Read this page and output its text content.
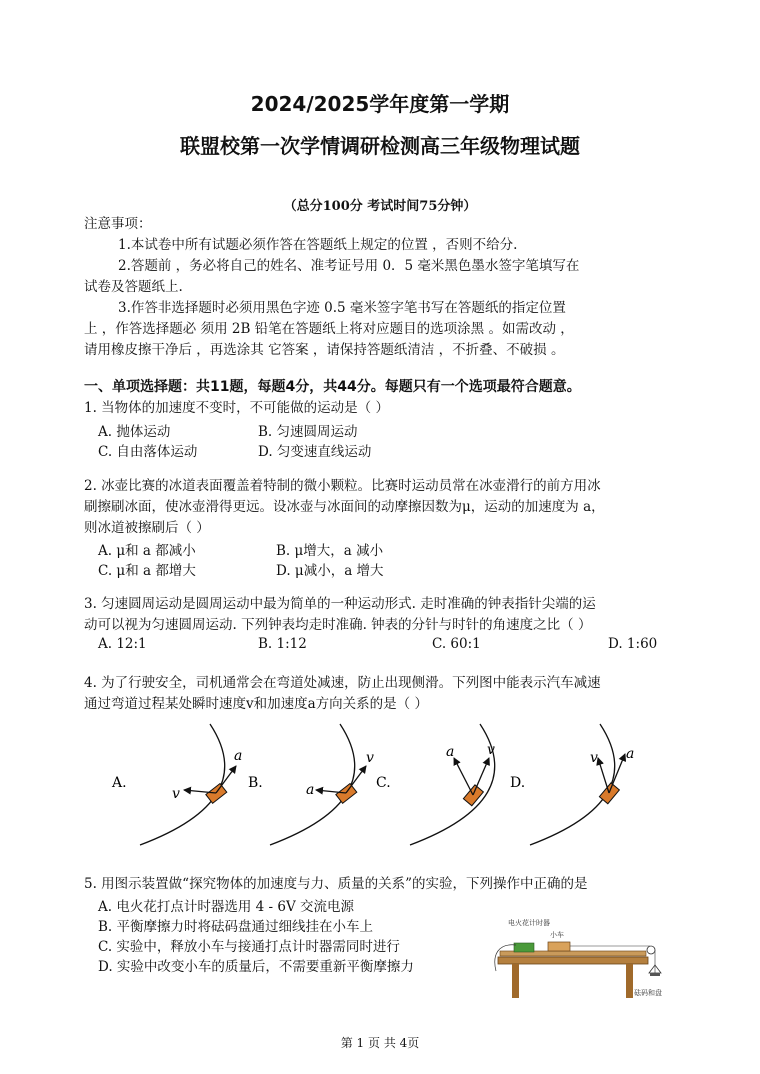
2024/2025学年度第一学期
联盟校第一次学情调研检测高三年级物理试题
（总分100分 考试时间75分钟）
注意事项：
1.本试卷中所有试题必须作答在答题纸上规定的位置 ，否则不给分.
2.答题前 ，务必将自己的姓名、准考证号用 0．5 毫米黑色墨水签字笔填写在
试卷及答题纸上.
3.作答非选择题时必须用黑色字迹 0.5 毫米签字笔书写在答题纸的指定位置
上 ，作答选择题必 须用 2B 铅笔在答题纸上将对应题目的选项涂黑 。如需改动 ，
请用橡皮擦干净后 ，再选涂其 它答案 ，请保持答题纸清洁 ，不折叠、不破损 。
一、单项选择题：共11题，每题4分，共44分。每题只有一个选项最符合题意。
1. 当物体的加速度不变时，不可能做的运动是（ ）
A. 抛体运动	B. 匀速圆周运动
C. 自由落体运动	D. 匀变速直线运动
2. 冰壶比赛的冰道表面覆盖着特制的微小颗粒。比赛时运动员常在冰壶滑行的前方用冰
刷擦刷冰面，使冰壶滑得更远。设冰壶与冰面间的动摩擦因数为μ，运动的加速度为 a，
则冰道被擦刷后（ ）
A. μ和 a 都减小	B. μ增大，a 减小
C. μ和 a 都增大	D. μ减小，a 增大
3. 匀速圆周运动是圆周运动中最为简单的一种运动形式. 走时准确的钟表指针尖端的运
动可以视为匀速圆周运动. 下列钟表均走时准确. 钟表的分针与时针的角速度之比（ ）
A. 12:1	B. 1:12	C. 60:1	D. 1:60
4. 为了行驶安全，司机通常会在弯道处减速，防止出现侧滑。下列图中能表示汽车减速
通过弯道过程某处瞬时速度v和加速度a方向关系的是（ ）
a
v
A.
v
a
B.
v
a
C.
a
v
D.
5. 用图示装置做“探究物体的加速度与力、质量的关系”的实验，下列操作中正确的是
A. 电火花打点计时器选用 4 - 6V 交流电源
B. 平衡摩擦力时将砝码盘通过细线挂在小车上
C. 实验中，释放小车与接通打点计时器需同时进行
D. 实验中改变小车的质量后，不需要重新平衡摩擦力
电火花计时器
小车
砝码和盘
第 1 页 共 4页
